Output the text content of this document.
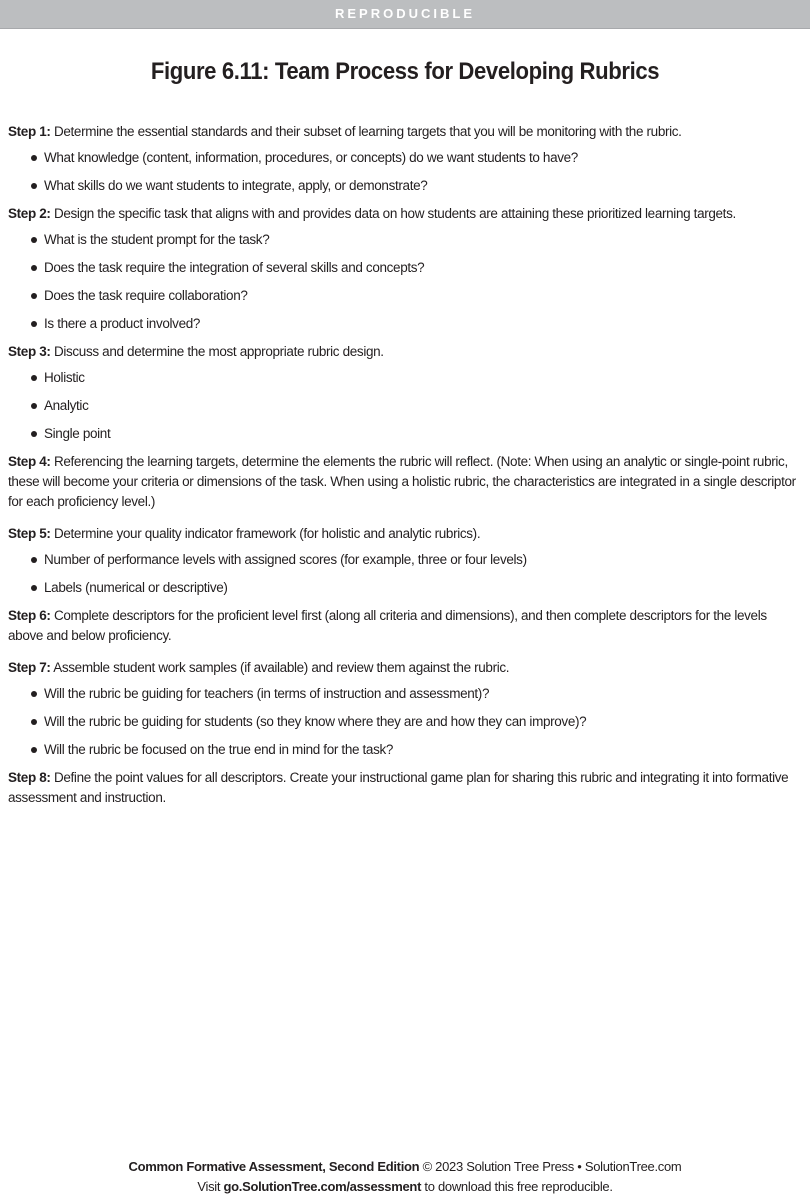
REPRODUCIBLE
Figure 6.11: Team Process for Developing Rubrics

Step 1: Determine the essential standards and their subset of learning targets that you will be monitoring with the rubric.

What knowledge (content, information, procedures, or concepts) do we want students to have?
What skills do we want students to integrate, apply, or demonstrate?

Step 2: Design the specific task that aligns with and provides data on how students are attaining these prioritized learning targets.

What is the student prompt for the task?
Does the task require the integration of several skills and concepts?
Does the task require collaboration?
Is there a product involved?

Step 3: Discuss and determine the most appropriate rubric design.

Holistic
Analytic
Single point

Step 4: Referencing the learning targets, determine the elements the rubric will reflect. (Note: When using an analytic or single-point rubric, these will become your criteria or dimensions of the task. When using a holistic rubric, the characteristics are integrated in a single descriptor for each proficiency level.)

Step 5: Determine your quality indicator framework (for holistic and analytic rubrics).

Number of performance levels with assigned scores (for example, three or four levels)
Labels (numerical or descriptive)

Step 6: Complete descriptors for the proficient level first (along all criteria and dimensions), and then complete descriptors for the levels above and below proficiency.

Step 7: Assemble student work samples (if available) and review them against the rubric.

Will the rubric be guiding for teachers (in terms of instruction and assessment)?
Will the rubric be guiding for students (so they know where they are and how they can improve)?
Will the rubric be focused on the true end in mind for the task?

Step 8: Define the point values for all descriptors. Create your instructional game plan for sharing this rubric and integrating it into formative assessment and instruction.

Common Formative Assessment, Second Edition © 2023 Solution Tree Press • SolutionTree.com
Visit go.SolutionTree.com/assessment to download this free reproducible.
